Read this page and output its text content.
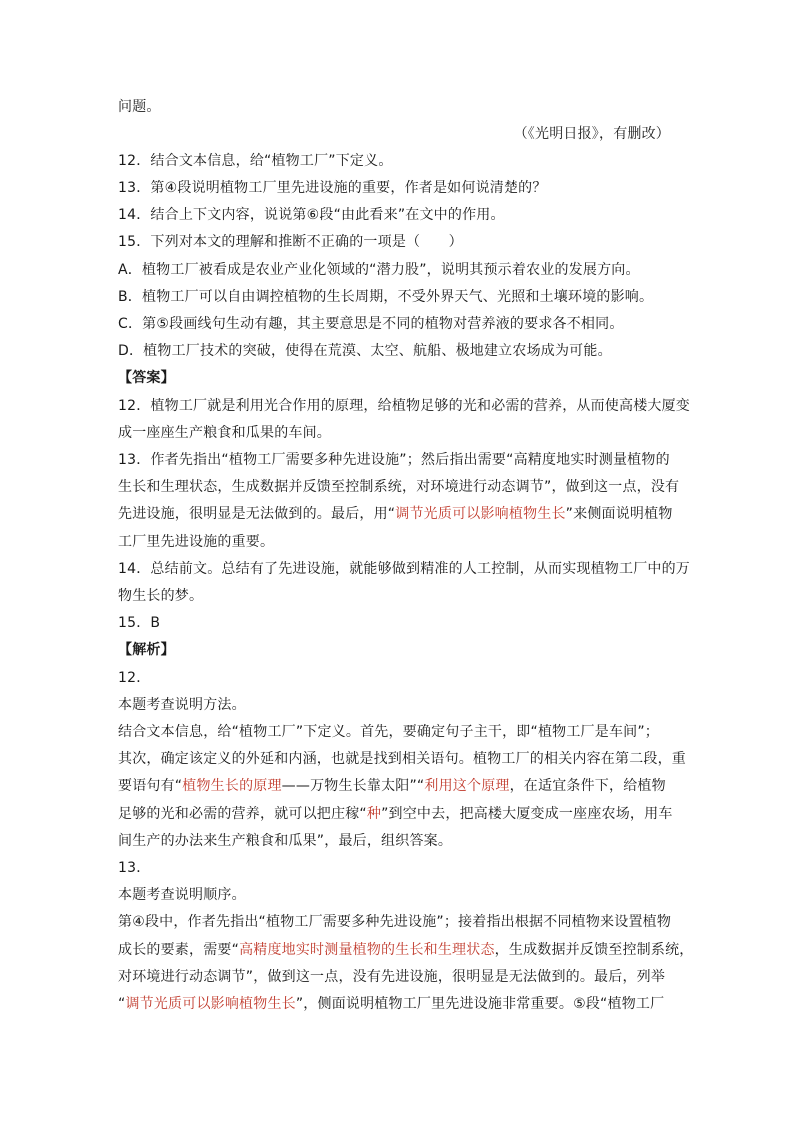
问题。
（《光明日报》，有删改）
12．结合文本信息，给“植物工厂”下定义。
13．第④段说明植物工厂里先进设施的重要，作者是如何说清楚的？
14．结合上下文内容，说说第⑥段“由此看来”在文中的作用。
15．下列对本文的理解和推断不正确的一项是（　　）
A．植物工厂被看成是农业产业化领域的“潜力股”，说明其预示着农业的发展方向。
B．植物工厂可以自由调控植物的生长周期，不受外界天气、光照和土壤环境的影响。
C．第⑤段画线句生动有趣，其主要意思是不同的植物对营养液的要求各不相同。
D．植物工厂技术的突破，使得在荒漠、太空、航船、极地建立农场成为可能。
【答案】
12．植物工厂就是利用光合作用的原理，给植物足够的光和必需的营养，从而使高楼大厦变
成一座座生产粮食和瓜果的车间。
13．作者先指出“植物工厂需要多种先进设施”；然后指出需要“高精度地实时测量植物的
生长和生理状态，生成数据并反馈至控制系统，对环境进行动态调节”，做到这一点，没有
先进设施，很明显是无法做到的。最后，用“调节光质可以影响植物生长”来侧面说明植物
工厂里先进设施的重要。
14．总结前文。总结有了先进设施，就能够做到精准的人工控制，从而实现植物工厂中的万
物生长的梦。
15．B
【解析】
12．
本题考查说明方法。
结合文本信息，给“植物工厂”下定义。首先，要确定句子主干，即“植物工厂是车间”；
其次，确定该定义的外延和内涵，也就是找到相关语句。植物工厂的相关内容在第二段，重
要语句有“植物生长的原理——万物生长靠太阳”“利用这个原理，在适宜条件下，给植物
足够的光和必需的营养，就可以把庄稼“种”到空中去，把高楼大厦变成一座座农场，用车
间生产的办法来生产粮食和瓜果”，最后，组织答案。
13．
本题考查说明顺序。
第④段中，作者先指出“植物工厂需要多种先进设施”；接着指出根据不同植物来设置植物
成长的要素，需要“高精度地实时测量植物的生长和生理状态，生成数据并反馈至控制系统，
对环境进行动态调节”，做到这一点，没有先进设施，很明显是无法做到的。最后，列举
“调节光质可以影响植物生长”，侧面说明植物工厂里先进设施非常重要。⑤段“植物工厂
